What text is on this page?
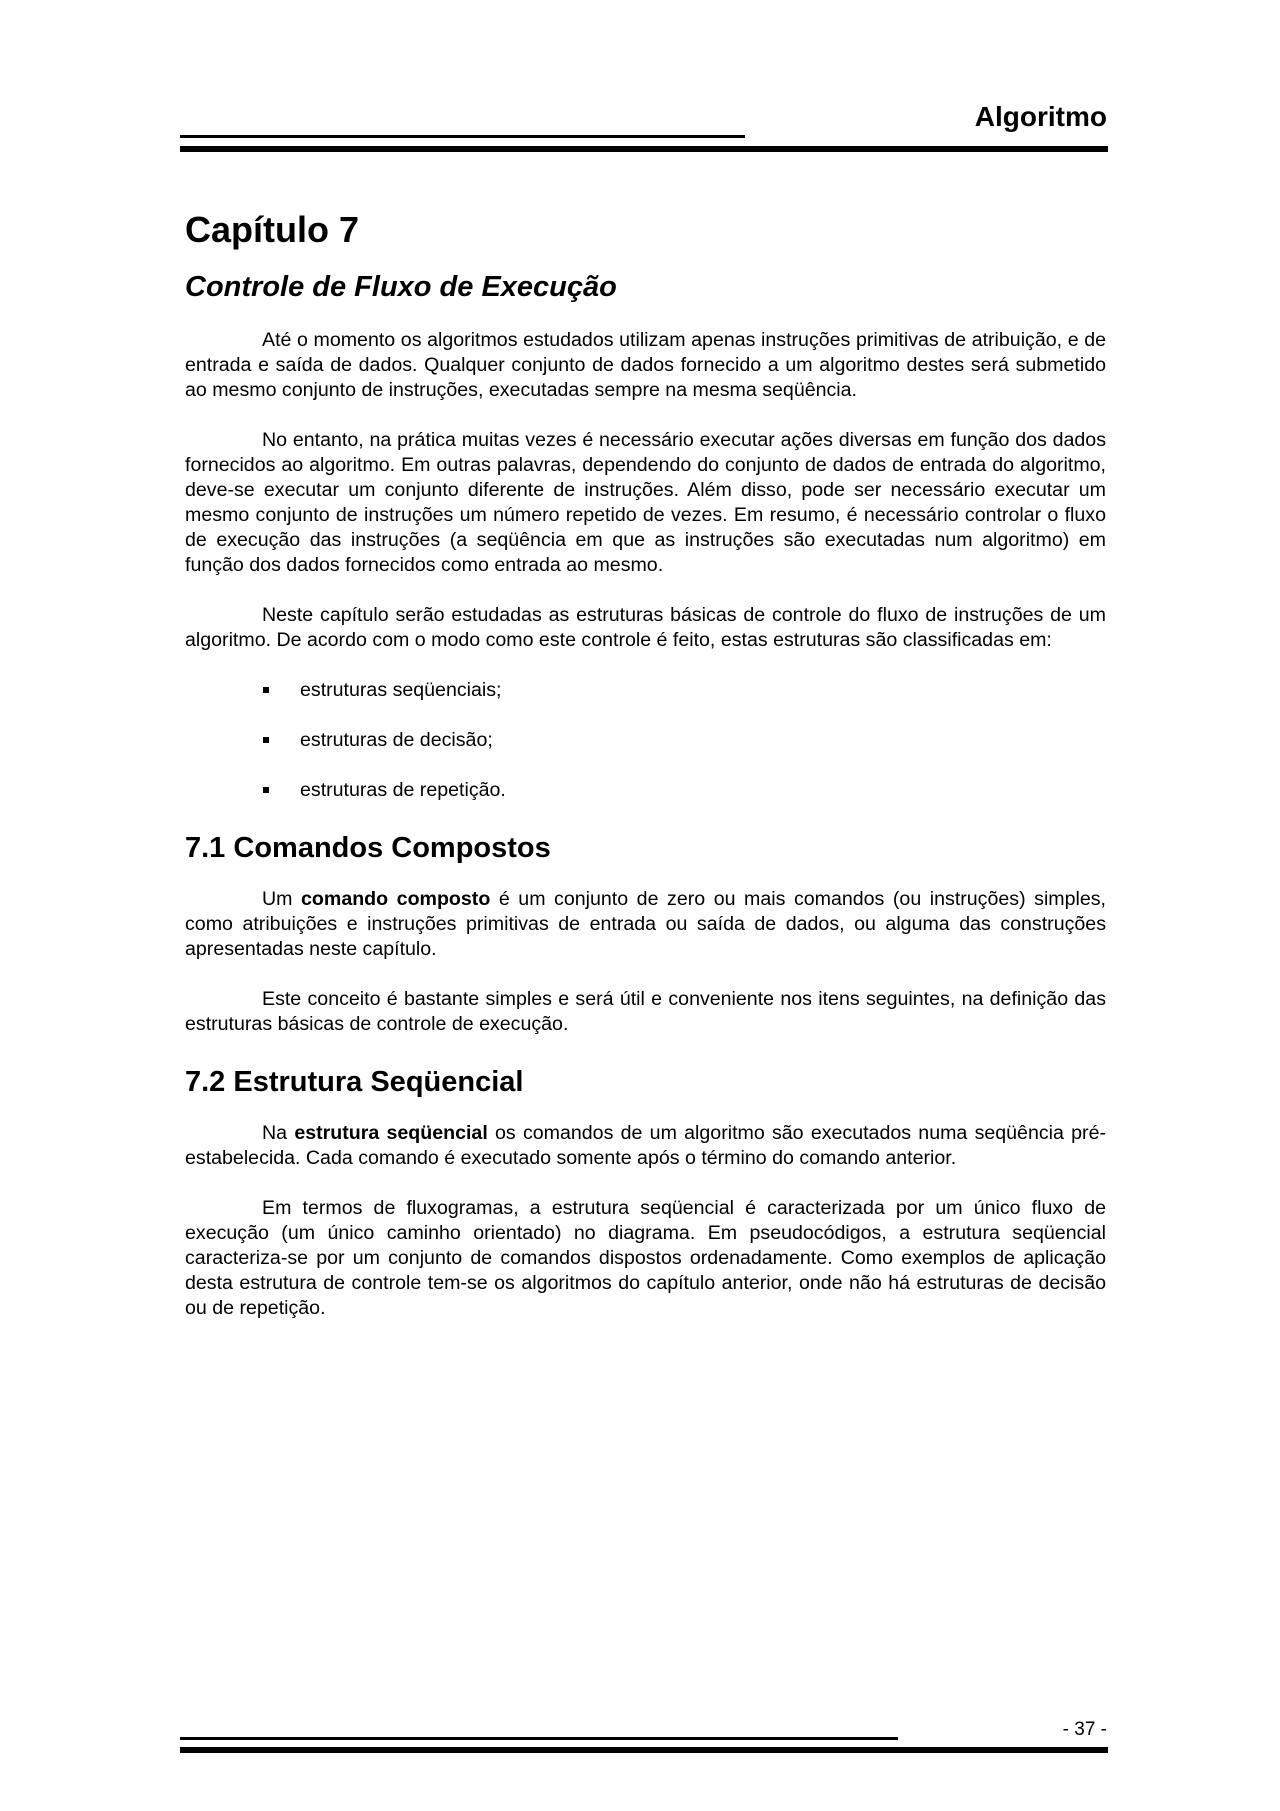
Algoritmo
Capítulo 7
Controle de Fluxo de Execução

Até o momento os algoritmos estudados utilizam apenas instruções primitivas de atribuição, e de entrada e saída de dados. Qualquer conjunto de dados fornecido a um algoritmo destes será submetido ao mesmo conjunto de instruções, executadas sempre na mesma seqüência.

No entanto, na prática muitas vezes é necessário executar ações diversas em função dos dados fornecidos ao algoritmo. Em outras palavras, dependendo do conjunto de dados de entrada do algoritmo, deve-se executar um conjunto diferente de instruções. Além disso, pode ser necessário executar um mesmo conjunto de instruções um número repetido de vezes. Em resumo, é necessário controlar o fluxo de execução das instruções (a seqüência em que as instruções são executadas num algoritmo) em função dos dados fornecidos como entrada ao mesmo.

Neste capítulo serão estudadas as estruturas básicas de controle do fluxo de instruções de um algoritmo. De acordo com o modo como este controle é feito, estas estruturas são classificadas em:

estruturas seqüenciais;
estruturas de decisão;
estruturas de repetição.
7.1 Comandos Compostos

Um comando composto é um conjunto de zero ou mais comandos (ou instruções) simples, como atribuições e instruções primitivas de entrada ou saída de dados, ou alguma das construções apresentadas neste capítulo.

Este conceito é bastante simples e será útil e conveniente nos itens seguintes, na definição das estruturas básicas de controle de execução.

7.2 Estrutura Seqüencial

Na estrutura seqüencial os comandos de um algoritmo são executados numa seqüência pré-estabelecida. Cada comando é executado somente após o término do comando anterior.

Em termos de fluxogramas, a estrutura seqüencial é caracterizada por um único fluxo de execução (um único caminho orientado) no diagrama. Em pseudocódigos, a estrutura seqüencial caracteriza-se por um conjunto de comandos dispostos ordenadamente. Como exemplos de aplicação desta estrutura de controle tem-se os algoritmos do capítulo anterior, onde não há estruturas de decisão ou de repetição.

- 37 -
